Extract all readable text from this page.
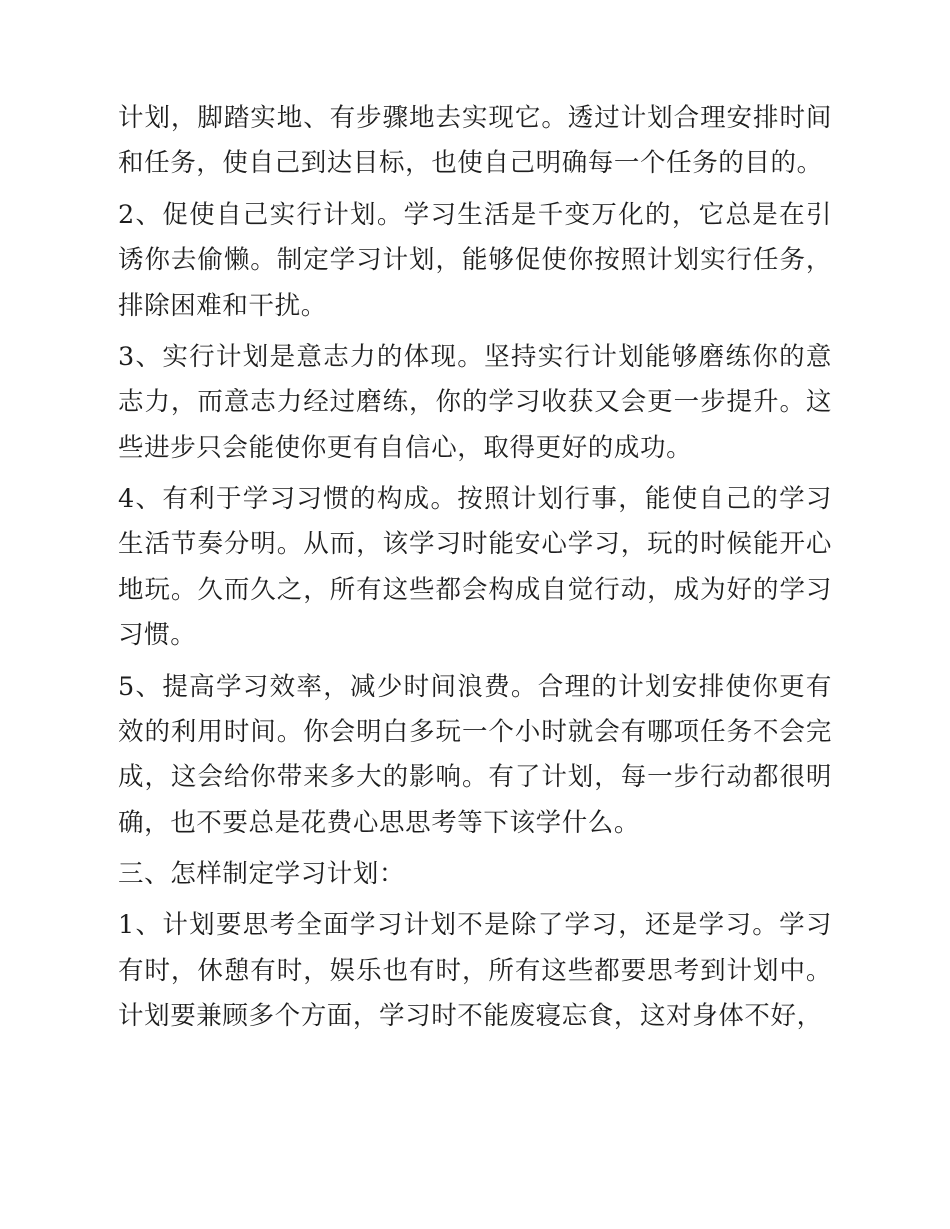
计划，脚踏实地、有步骤地去实现它。透过计划合理安排时间和任务，使自己到达目标，也使自己明确每一个任务的目的。

2、促使自己实行计划。学习生活是千变万化的，它总是在引诱你去偷懒。制定学习计划，能够促使你按照计划实行任务，排除困难和干扰。

3、实行计划是意志力的体现。坚持实行计划能够磨练你的意志力，而意志力经过磨练，你的学习收获又会更一步提升。这些进步只会能使你更有自信心，取得更好的成功。

4、有利于学习习惯的构成。按照计划行事，能使自己的学习生活节奏分明。从而，该学习时能安心学习，玩的时候能开心地玩。久而久之，所有这些都会构成自觉行动，成为好的学习习惯。

5、提高学习效率，减少时间浪费。合理的计划安排使你更有效的利用时间。你会明白多玩一个小时就会有哪项任务不会完成，这会给你带来多大的影响。有了计划，每一步行动都很明确，也不要总是花费心思思考等下该学什么。

三、怎样制定学习计划：

1、计划要思考全面学习计划不是除了学习，还是学习。学习有时，休憩有时，娱乐也有时，所有这些都要思考到计划中。计划要兼顾多个方面，学习时不能废寝忘食，这对身体不好，
